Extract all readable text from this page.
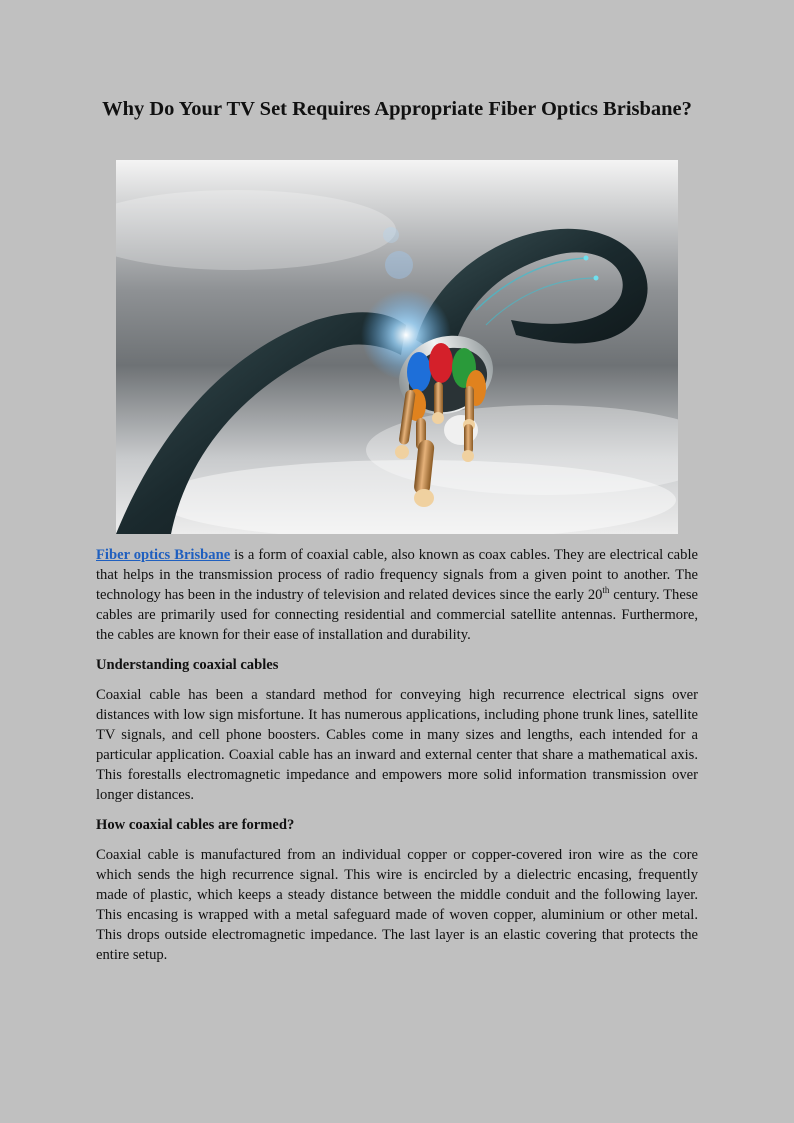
Why Do Your TV Set Requires Appropriate Fiber Optics Brisbane?

Fiber optics Brisbane is a form of coaxial cable, also known as coax cables. They are electrical cable that helps in the transmission process of radio frequency signals from a given point to another. The technology has been in the industry of television and related devices since the early 20th century. These cables are primarily used for connecting residential and commercial satellite antennas. Furthermore, the cables are known for their ease of installation and durability.

Understanding coaxial cables

Coaxial cable has been a standard method for conveying high recurrence electrical signs over distances with low sign misfortune. It has numerous applications, including phone trunk lines, satellite TV signals, and cell phone boosters. Cables come in many sizes and lengths, each intended for a particular application. Coaxial cable has an inward and external center that share a mathematical axis. This forestalls electromagnetic impedance and empowers more solid information transmission over longer distances.

How coaxial cables are formed?

Coaxial cable is manufactured from an individual copper or copper-covered iron wire as the core which sends the high recurrence signal. This wire is encircled by a dielectric encasing, frequently made of plastic, which keeps a steady distance between the middle conduit and the following layer. This encasing is wrapped with a metal safeguard made of woven copper, aluminium or other metal. This drops outside electromagnetic impedance. The last layer is an elastic covering that protects the entire setup.
